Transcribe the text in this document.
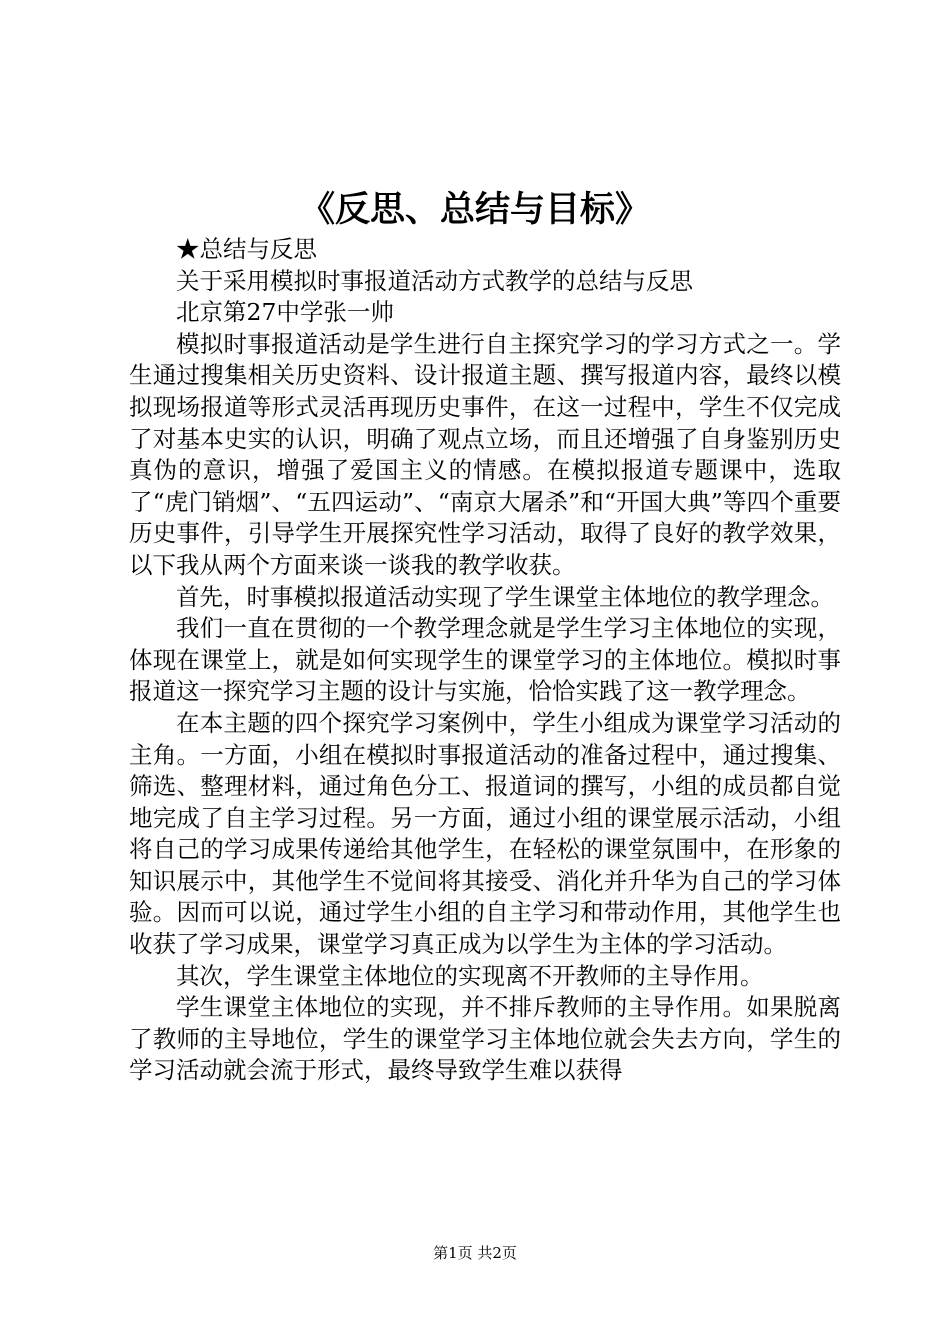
《反思、总结与目标》

★总结与反思

关于采用模拟时事报道活动方式教学的总结与反思

北京第27中学张一帅

模拟时事报道活动是学生进行自主探究学习的学习方式之一。学生通过搜集相关历史资料、设计报道主题、撰写报道内容，最终以模拟现场报道等形式灵活再现历史事件，在这一过程中，学生不仅完成了对基本史实的认识，明确了观点立场，而且还增强了自身鉴别历史真伪的意识，增强了爱国主义的情感。在模拟报道专题课中，选取了“虎门销烟”、“五四运动”、“南京大屠杀”和“开国大典”等四个重要历史事件，引导学生开展探究性学习活动，取得了良好的教学效果，以下我从两个方面来谈一谈我的教学收获。

首先，时事模拟报道活动实现了学生课堂主体地位的教学理念。

我们一直在贯彻的一个教学理念就是学生学习主体地位的实现，体现在课堂上，就是如何实现学生的课堂学习的主体地位。模拟时事报道这一探究学习主题的设计与实施，恰恰实践了这一教学理念。

在本主题的四个探究学习案例中，学生小组成为课堂学习活动的主角。一方面，小组在模拟时事报道活动的准备过程中，通过搜集、筛选、整理材料，通过角色分工、报道词的撰写，小组的成员都自觉地完成了自主学习过程。另一方面，通过小组的课堂展示活动，小组将自己的学习成果传递给其他学生，在轻松的课堂氛围中，在形象的知识展示中，其他学生不觉间将其接受、消化并升华为自己的学习体验。因而可以说，通过学生小组的自主学习和带动作用，其他学生也收获了学习成果，课堂学习真正成为以学生为主体的学习活动。

其次，学生课堂主体地位的实现离不开教师的主导作用。

学生课堂主体地位的实现，并不排斥教师的主导作用。如果脱离了教师的主导地位，学生的课堂学习主体地位就会失去方向，学生的学习活动就会流于形式，最终导致学生难以获得

第1页 共2页
